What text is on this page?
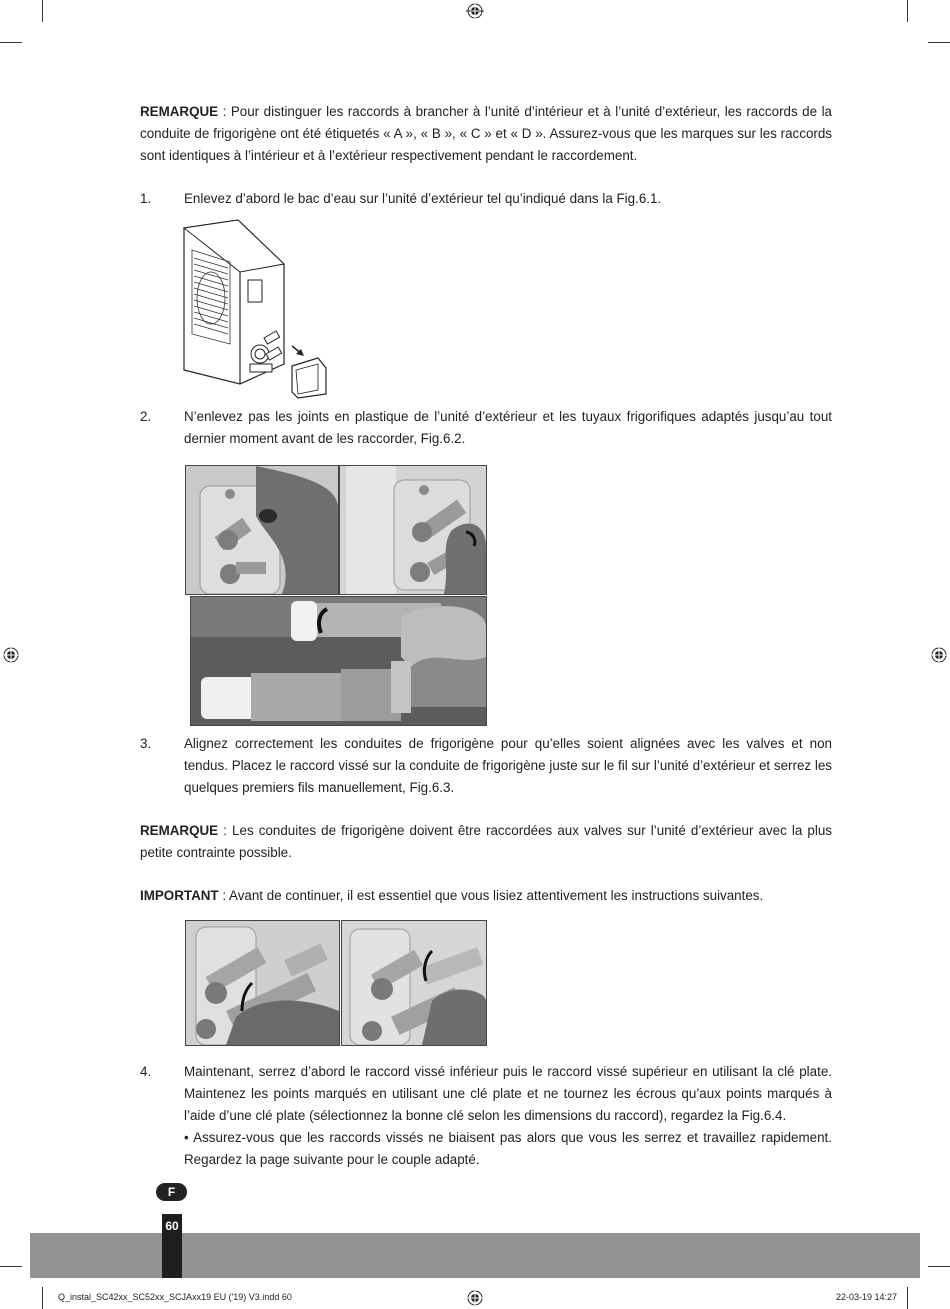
REMARQUE : Pour distinguer les raccords à brancher à l’unité d’intérieur et à l’unité d’extérieur, les raccords de la conduite de frigorigène ont été étiquetés « A », « B », « C » et « D ». Assurez-vous que les marques sur les raccords sont identiques à l’intérieur et à l’extérieur respectivement pendant le raccordement.
1.	Enlevez d’abord le bac d’eau sur l’unité d’extérieur tel qu’indiqué dans la Fig.6.1.
2.	N’enlevez pas les joints en plastique de l’unité d’extérieur et les tuyaux frigorifiques adaptés jusqu’au tout dernier moment avant de les raccorder, Fig.6.2.
3.	Alignez correctement les conduites de frigorigène pour qu’elles soient alignées avec les valves et non tendus. Placez le raccord vissé sur la conduite de frigorigène juste sur le fil sur l’unité d’extérieur et serrez les quelques premiers fils manuellement, Fig.6.3.
REMARQUE : Les conduites de frigorigène doivent être raccordées aux valves sur l’unité d’extérieur avec la plus petite contrainte possible.
IMPORTANT : Avant de continuer, il est essentiel que vous lisiez attentivement les instructions suivantes.
4.	Maintenant, serrez d’abord le raccord vissé inférieur puis le raccord vissé supérieur en utilisant la clé plate. Maintenez les points marqués en utilisant une clé plate et ne tournez les écrous qu’aux points marqués à l’aide d’une clé plate (sélectionnez la bonne clé selon les dimensions du raccord), regardez la Fig.6.4.
• Assurez-vous que les raccords vissés ne biaisent pas alors que vous les serrez et travaillez rapidement. Regardez la page suivante pour le couple adapté.
F
60
Q_instal_SC42xx_SC52xx_SCJAxx19 EU ('19) V3.indd 60	22-03-19 14:27
